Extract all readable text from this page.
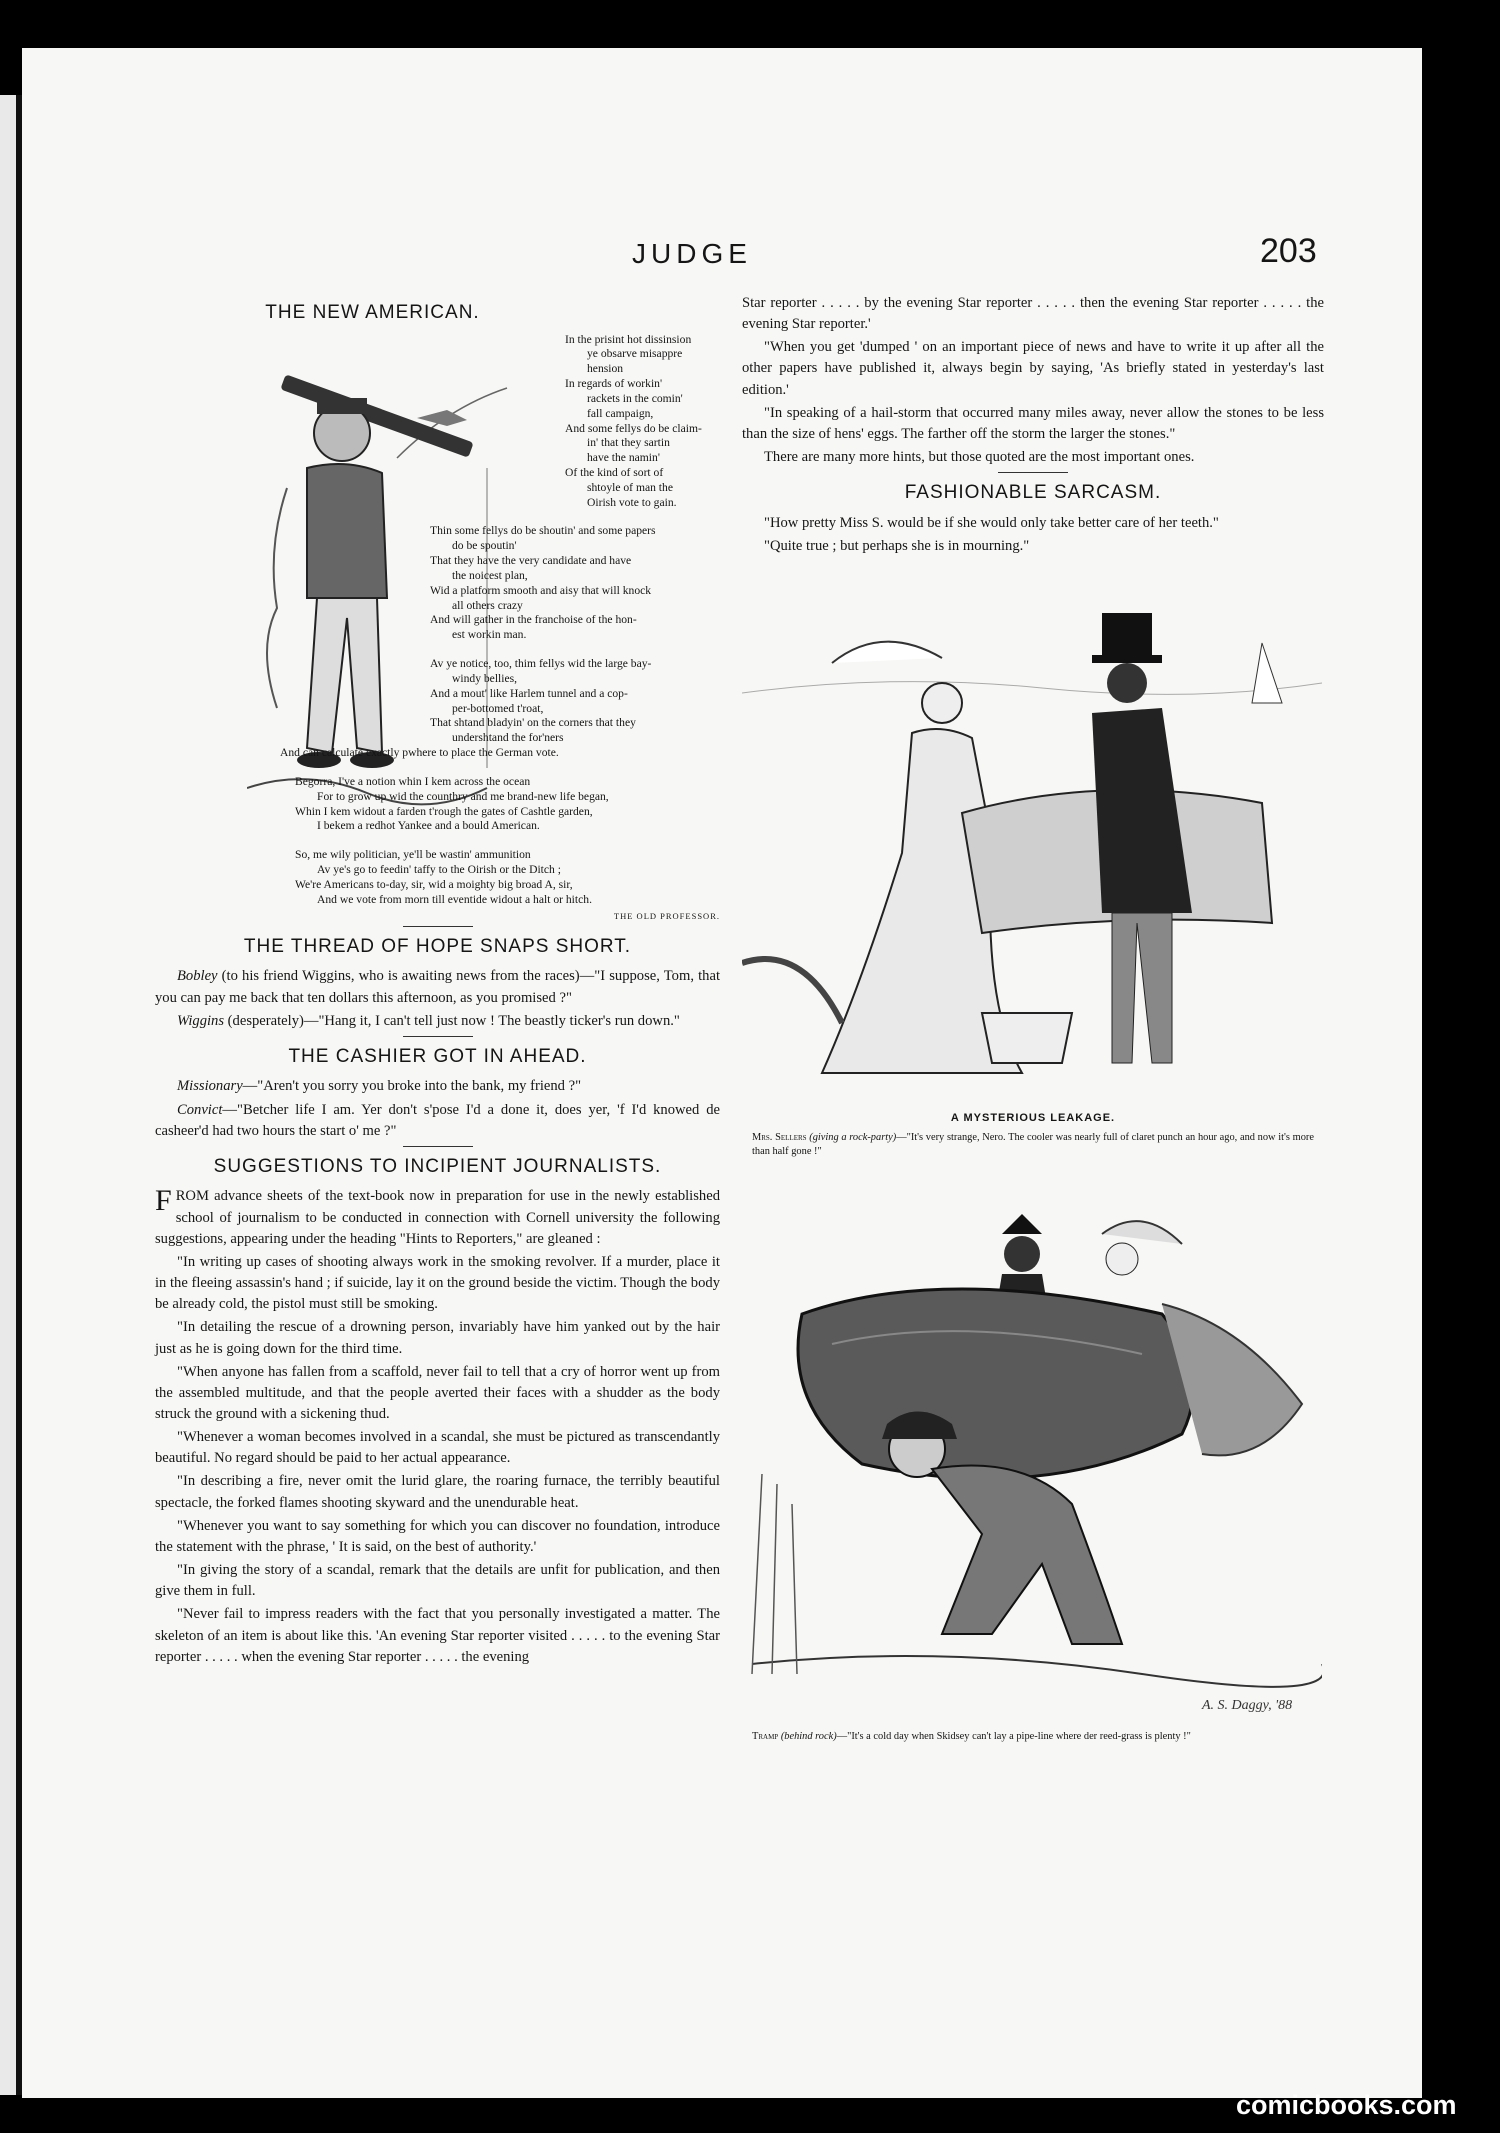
JUDGE	203
THE NEW AMERICAN.
In the prisint hot dissinsion
ye obsarve misappre
hension
In regards of workin'
rackets in the comin'
fall campaign,
And some fellys do be claim-
in' that they sartin
have the namin'
Of the kind of sort of
shtoyle of man the
Oirish vote to gain.
Thin some fellys do be shoutin' and some papers
do be spoutin'
That they have the very candidate and have
the noicest plan,
Wid a platform smooth and aisy that will knock
all others crazy
And will gather in the franchoise of the hon-
est workin man.
Av ye notice, too, thim fellys wid the large bay-
windy bellies,
And a mout' like Harlem tunnel and a cop-
per-bottomed t'roat,
That shtand bladyin' on the corners that they
undershtand the for'ners
And can calculate exactly pwhere to place the German vote.
Begorra, I've a notion whin I kem across the ocean
For to grow up wid the counthry and me brand-new life began,
Whin I kem widout a farden t'rough the gates of Cashtle garden,
I bekem a redhot Yankee and a bould American.
So, me wily politician, ye'll be wastin' ammunition
Av ye's go to feedin' taffy to the Oirish or the Ditch ;
We're Americans to-day, sir, wid a moighty big broad A, sir,
And we vote from morn till eventide widout a halt or hitch.
THE OLD PROFESSOR.
THE THREAD OF HOPE SNAPS SHORT.

Bobley (to his friend Wiggins, who is awaiting news from the races)—"I suppose, Tom, that you can pay me back that ten dollars this afternoon, as you promised ?"

Wiggins (desperately)—"Hang it, I can't tell just now ! The beastly ticker's run down."

THE CASHIER GOT IN AHEAD.

Missionary—"Aren't you sorry you broke into the bank, my friend ?"

Convict—"Betcher life I am. Yer don't s'pose I'd a done it, does yer, 'f I'd knowed de casheer'd had two hours the start o' me ?"

SUGGESTIONS TO INCIPIENT JOURNALISTS.

FROM advance sheets of the text-book now in preparation for use in the newly established school of journalism to be conducted in connection with Cornell university the following suggestions, appearing under the heading "Hints to Reporters," are gleaned :

"In writing up cases of shooting always work in the smoking revolver. If a murder, place it in the fleeing assassin's hand ; if suicide, lay it on the ground beside the victim. Though the body be already cold, the pistol must still be smoking.

"In detailing the rescue of a drowning person, invariably have him yanked out by the hair just as he is going down for the third time.

"When anyone has fallen from a scaffold, never fail to tell that a cry of horror went up from the assembled multitude, and that the people averted their faces with a shudder as the body struck the ground with a sickening thud.

"Whenever a woman becomes involved in a scandal, she must be pictured as transcendantly beautiful. No regard should be paid to her actual appearance.

"In describing a fire, never omit the lurid glare, the roaring furnace, the terribly beautiful spectacle, the forked flames shooting skyward and the unendurable heat.

"Whenever you want to say something for which you can discover no foundation, introduce the statement with the phrase, ' It is said, on the best of authority.'

"In giving the story of a scandal, remark that the details are unfit for publication, and then give them in full.

"Never fail to impress readers with the fact that you personally investigated a matter. The skeleton of an item is about like this. 'An evening Star reporter visited . . . . . to the evening Star reporter . . . . . when the evening Star reporter . . . . . the evening

Star reporter . . . . . by the evening Star reporter . . . . . then the evening Star reporter . . . . . the evening Star reporter.'

"When you get 'dumped ' on an important piece of news and have to write it up after all the other papers have published it, always begin by saying, 'As briefly stated in yesterday's last edition.'

"In speaking of a hail-storm that occurred many miles away, never allow the stones to be less than the size of hens' eggs. The farther off the storm the larger the stones."

There are many more hints, but those quoted are the most important ones.

FASHIONABLE SARCASM.

"How pretty Miss S. would be if she would only take better care of her teeth."

"Quite true ; but perhaps she is in mourning."

A MYSTERIOUS LEAKAGE.
Mrs. Sellers (giving a rock-party)—"It's very strange, Nero. The cooler was nearly full of claret punch an hour ago, and now it's more than half gone !"
A. S. Daggy, '88
Tramp (behind rock)—"It's a cold day when Skidsey can't lay a pipe-line where der reed-grass is plenty !"
comicbooks.com
